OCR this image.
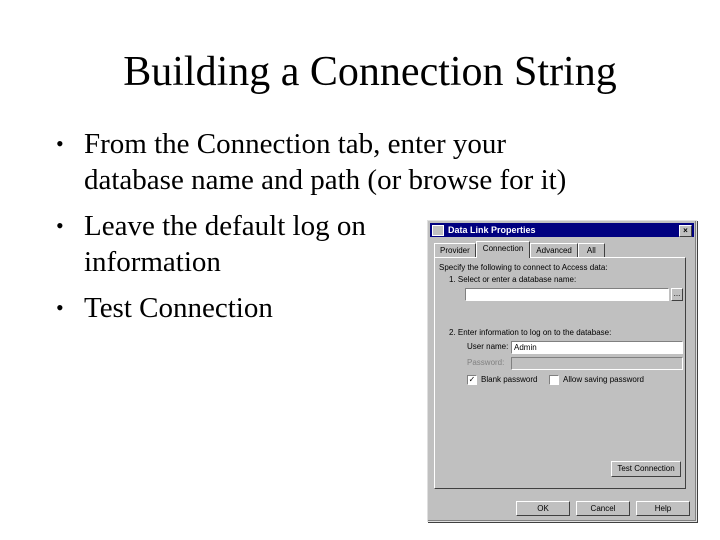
Building a Connection String
• From the Connection tab, enter your database name and path (or browse for it)
• Leave the default log on information
• Test Connection
Data Link Properties	×
Provider	Connection	Advanced	All
Specify the following to connect to Access data:
1. Select or enter a database name:
...
2. Enter information to log on to the database:
User name: Admin
Password:
✓ Blank password	Allow saving password
Test Connection
OK	Cancel	Help
